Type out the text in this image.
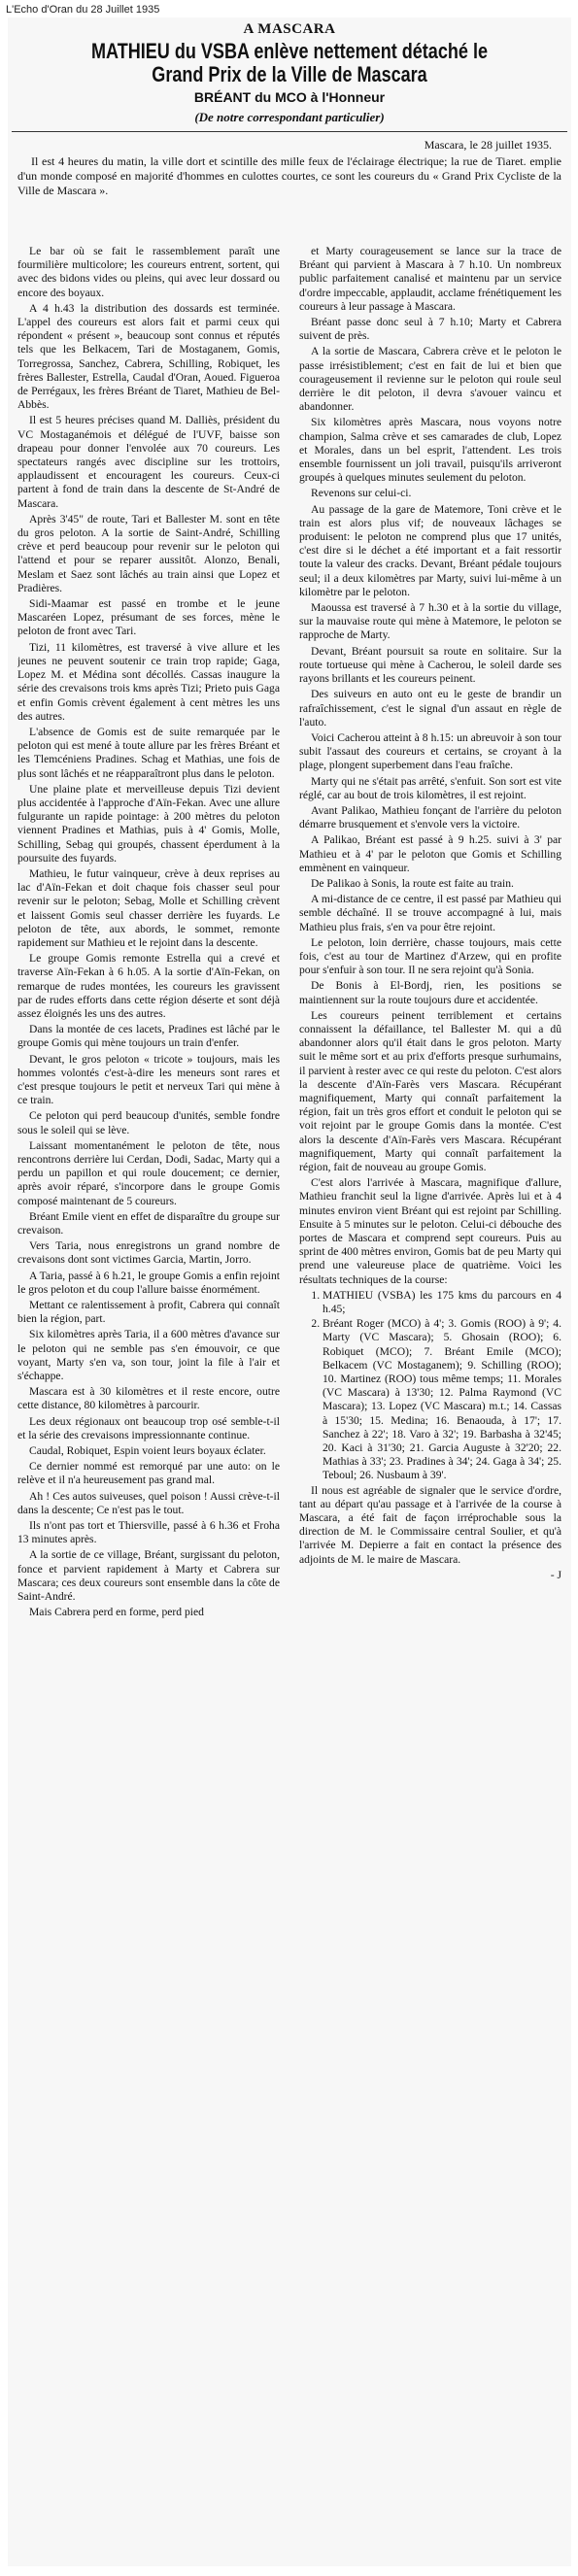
L'Echo d'Oran du 28 Juillet 1935
A MASCARA
MATHIEU du VSBA enlève nettement détaché le Grand Prix de la Ville de Mascara
BRÉANT du MCO à l'Honneur
(De notre correspondant particulier)
Mascara, le 28 juillet 1935.

Il est 4 heures du matin, la ville dort et scintille des mille feux de l'éclairage électrique; la rue de Tiaret. emplie d'un monde composé en majorité d'hommes en culottes courtes, ce sont les coureurs du « Grand Prix Cycliste de la Ville de Mascara ».

Le bar où se fait le rassemblement paraît une fourmilière multicolore; les coureurs entrent, sortent, qui avec des bidons vides ou pleins, qui avec leur dossard ou encore des boyaux.

A 4 h.43 la distribution des dossards est terminée. L'appel des coureurs est alors fait et parmi ceux qui répondent « présent », beaucoup sont connus et réputés tels que les Belkacem, Tari de Mostaganem, Gomis, Torregrossa, Sanchez, Cabrera, Schilling, Robiquet, les frères Ballester, Estrella, Caudal d'Oran, Aoued. Figueroa de Perrégaux, les frères Bréant de Tiaret, Mathieu de Bel-Abbès.

Il est 5 heures précises quand M. Dalliès, président du VC Mostaganémois et délégué de l'UVF, baisse son drapeau pour donner l'envolée aux 70 coureurs. Les spectateurs rangés avec discipline sur les trottoirs, applaudissent et encouragent les coureurs. Ceux-ci partent à fond de train dans la descente de St-André de Mascara.

Après 3'45" de route, Tari et Ballester M. sont en tête du gros peloton. A la sortie de Saint-André, Schilling crève et perd beaucoup pour revenir sur le peloton qui l'attend et pour se reparer aussitôt. Alonzo, Benali, Meslam et Saez sont lâchés au train ainsi que Lopez et Pradières.

Sidi-Maamar est passé en trombe et le jeune Mascaréen Lopez, présumant de ses forces, mène le peloton de front avec Tari.

Tizi, 11 kilomètres, est traversé à vive allure et les jeunes ne peuvent soutenir ce train trop rapide; Gaga, Lopez M. et Médina sont décollés. Cassas inaugure la série des crevaisons trois kms après Tizi; Prieto puis Gaga et enfin Gomis crèvent également à cent mètres les uns des autres.

L'absence de Gomis est de suite remarquée par le peloton qui est mené à toute allure par les frères Bréant et les Tlemcéniens Pradines. Schag et Mathias, une fois de plus sont lâchés et ne réapparaîtront plus dans le peloton.

Une plaine plate et merveilleuse depuis Tizi devient plus accidentée à l'approche d'Aïn-Fekan. Avec une allure fulgurante un rapide pointage: à 200 mètres du peloton viennent Pradines et Mathias, puis à 4' Gomis, Molle, Schilling, Sebag qui groupés, chassent éperdument à la poursuite des fuyards.

Mathieu, le futur vainqueur, crève à deux reprises au lac d'Aïn-Fekan et doit chaque fois chasser seul pour revenir sur le peloton; Sebag, Molle et Schilling crèvent et laissent Gomis seul chasser derrière les fuyards. Le peloton de tête, aux abords, le sommet, remonte rapidement sur Mathieu et le rejoint dans la descente.

Le groupe Gomis remonte Estrella qui a crevé et traverse Aïn-Fekan à 6 h.05. A la sortie d'Aïn-Fekan, on remarque de rudes montées, les coureurs les gravissent par de rudes efforts dans cette région déserte et sont déjà assez éloignés les uns des autres.

Dans la montée de ces lacets, Pradines est lâché par le groupe Gomis qui mène toujours un train d'enfer.

Devant, le gros peloton « tricote » toujours, mais les hommes volontés c'est-à-dire les meneurs sont rares et c'est presque toujours le petit et nerveux Tari qui mène à ce train.

Ce peloton qui perd beaucoup d'unités, semble fondre sous le soleil qui se lève.

Laissant momentanément le peloton de tête, nous rencontrons derrière lui Cerdan, Dodi, Sadac, Marty qui a perdu un papillon et qui roule doucement; ce dernier, après avoir réparé, s'incorpore dans le groupe Gomis composé maintenant de 5 coureurs.

Bréant Emile vient en effet de disparaître du groupe sur crevaison.

Vers Taria, nous enregistrons un grand nombre de crevaisons dont sont victimes Garcia, Martin, Jorro.

A Taria, passé à 6 h.21, le groupe Gomis a enfin rejoint le gros peloton et du coup l'allure baisse énormément.

Mettant ce ralentissement à profit, Cabrera qui connaît bien la région, part.

Six kilomètres après Taria, il a 600 mètres d'avance sur le peloton qui ne semble pas s'en émouvoir, ce que voyant, Marty s'en va, son tour, joint la file à l'air et s'échappe.

Mascara est à 30 kilomètres et il reste encore, outre cette distance, 80 kilomètres à parcourir.

Les deux régionaux ont beaucoup trop osé semble-t-il et la série des crevaisons impressionnante continue.

Caudal, Robiquet, Espin voient leurs boyaux éclater.

Ce dernier nommé est remorqué par une auto: on le relève et il n'a heureusement pas grand mal.

Ah ! Ces autos suiveuses, quel poison ! Aussi crève-t-il dans la descente; Ce n'est pas le tout.

Ils n'ont pas tort et Thiersville, passé à 6 h.36 et Froha 13 minutes après.

A la sortie de ce village, Bréant, surgissant du peloton, fonce et parvient rapidement à Marty et Cabrera sur Mascara; ces deux coureurs sont ensemble dans la côte de Saint-André.

Mais Cabrera perd en forme, perd pied

et Marty courageusement se lance sur la trace de Bréant qui parvient à Mascara à 7 h.10. Un nombreux public parfaitement canalisé et maintenu par un service d'ordre impeccable, applaudit, acclame frénétiquement les coureurs à leur passage à Mascara.

Bréant passe donc seul à 7 h.10; Marty et Cabrera suivent de près.

A la sortie de Mascara, Cabrera crève et le peloton le passe irrésistiblement; c'est en fait de lui et bien que courageusement il revienne sur le peloton qui roule seul derrière le dit peloton, il devra s'avouer vaincu et abandonner.

Six kilomètres après Mascara, nous voyons notre champion, Salma crève et ses camarades de club, Lopez et Morales, dans un bel esprit, l'attendent. Les trois ensemble fournissent un joli travail, puisqu'ils arriveront groupés à quelques minutes seulement du peloton.

Revenons sur celui-ci.

Au passage de la gare de Matemore, Toni crève et le train est alors plus vif; de nouveaux lâchages se produisent: le peloton ne comprend plus que 17 unités, c'est dire si le déchet a été important et a fait ressortir toute la valeur des cracks. Devant, Bréant pédale toujours seul; il a deux kilomètres par Marty, suivi lui-même à un kilomètre par le peloton.

Maoussa est traversé à 7 h.30 et à la sortie du village, sur la mauvaise route qui mène à Matemore, le peloton se rapproche de Marty.

Devant, Bréant poursuit sa route en solitaire. Sur la route tortueuse qui mène à Cacherou, le soleil darde ses rayons brillants et les coureurs peinent.

Des suiveurs en auto ont eu le geste de brandir un rafraîchissement, c'est le signal d'un assaut en règle de l'auto.

Voici Cacherou atteint à 8 h.15: un abreuvoir à son tour subit l'assaut des coureurs et certains, se croyant à la plage, plongent superbement dans l'eau fraîche.

Marty qui ne s'était pas arrêté, s'enfuit. Son sort est vite réglé, car au bout de trois kilomètres, il est rejoint.

Avant Palikao, Mathieu fonçant de l'arrière du peloton démarre brusquement et s'envole vers la victoire.

A Palikao, Bréant est passé à 9 h.25. suivi à 3' par Mathieu et à 4' par le peloton que Gomis et Schilling emmènent en vainqueur.

De Palikao à Sonis, la route est faite au train.

A mi-distance de ce centre, il est passé par Mathieu qui semble déchaîné. Il se trouve accompagné à lui, mais Mathieu plus frais, s'en va pour être rejoint.

Le peloton, loin derrière, chasse toujours, mais cette fois, c'est au tour de Martinez d'Arzew, qui en profite pour s'enfuir à son tour. Il ne sera rejoint qu'à Sonia.

De Bonis à El-Bordj, rien, les positions se maintiennent sur la route toujours dure et accidentée.

Les coureurs peinent terriblement et certains connaissent la défaillance, tel Ballester M. qui a dû abandonner alors qu'il était dans le gros peloton. Marty suit le même sort et au prix d'efforts presque surhumains, il parvient à rester avec ce qui reste du peloton. C'est alors la descente d'Aïn-Farès vers Mascara. Récupérant magnifiquement, Marty qui connaît parfaitement la région, fait un très gros effort et conduit le peloton qui se voit rejoint par le groupe Gomis dans la montée. C'est alors la descente d'Aïn-Farès vers Mascara. Récupérant magnifiquement, Marty qui connaît parfaitement la région, fait de nouveau au groupe Gomis.

C'est alors l'arrivée à Mascara, magnifique d'allure, Mathieu franchit seul la ligne d'arrivée. Après lui et à 4 minutes environ vient Bréant qui est rejoint par Schilling. Ensuite à 5 minutes sur le peloton. Celui-ci débouche des portes de Mascara et comprend sept coureurs. Puis au sprint de 400 mètres environ, Gomis bat de peu Marty qui prend une valeureuse place de quatrième. Voici les résultats techniques de la course:

1. MATHIEU (VSBA) les 175 kms du parcours en 4 h.45;
2. Bréant Roger (MCO) à 4'; 3. Gomis (ROO) à 9'; 4. Marty (VC Mascara); 5. Ghosain (ROO); 6. Robiquet (MCO); 7. Bréant Emile (MCO); Belkacem (VC Mostaganem); 9. Schilling (ROO); 10. Martinez (ROO) tous même temps; 11. Morales (VC Mascara) à 13'30; 12. Palma Raymond (VC Mascara); 13. Lopez (VC Mascara) m.t.; 14. Cassas à 15'30; 15. Medina; 16. Benaouda, à 17'; 17. Sanchez à 22'; 18. Varo à 32'; 19. Barbasha à 32'45; 20. Kaci à 31'30; 21. Garcia Auguste à 32'20; 22. Mathias à 33'; 23. Pradines à 34'; 24. Gaga à 34'; 25. Teboul; 26. Nusbaum à 39'.

Il nous est agréable de signaler que le service d'ordre, tant au départ qu'au passage et à l'arrivée de la course à Mascara, a été fait de façon irréprochable sous la direction de M. le Commissaire central Soulier, et qu'à l'arrivée M. Depierre a fait en contact la présence des adjoints de M. le maire de Mascara.

- J
